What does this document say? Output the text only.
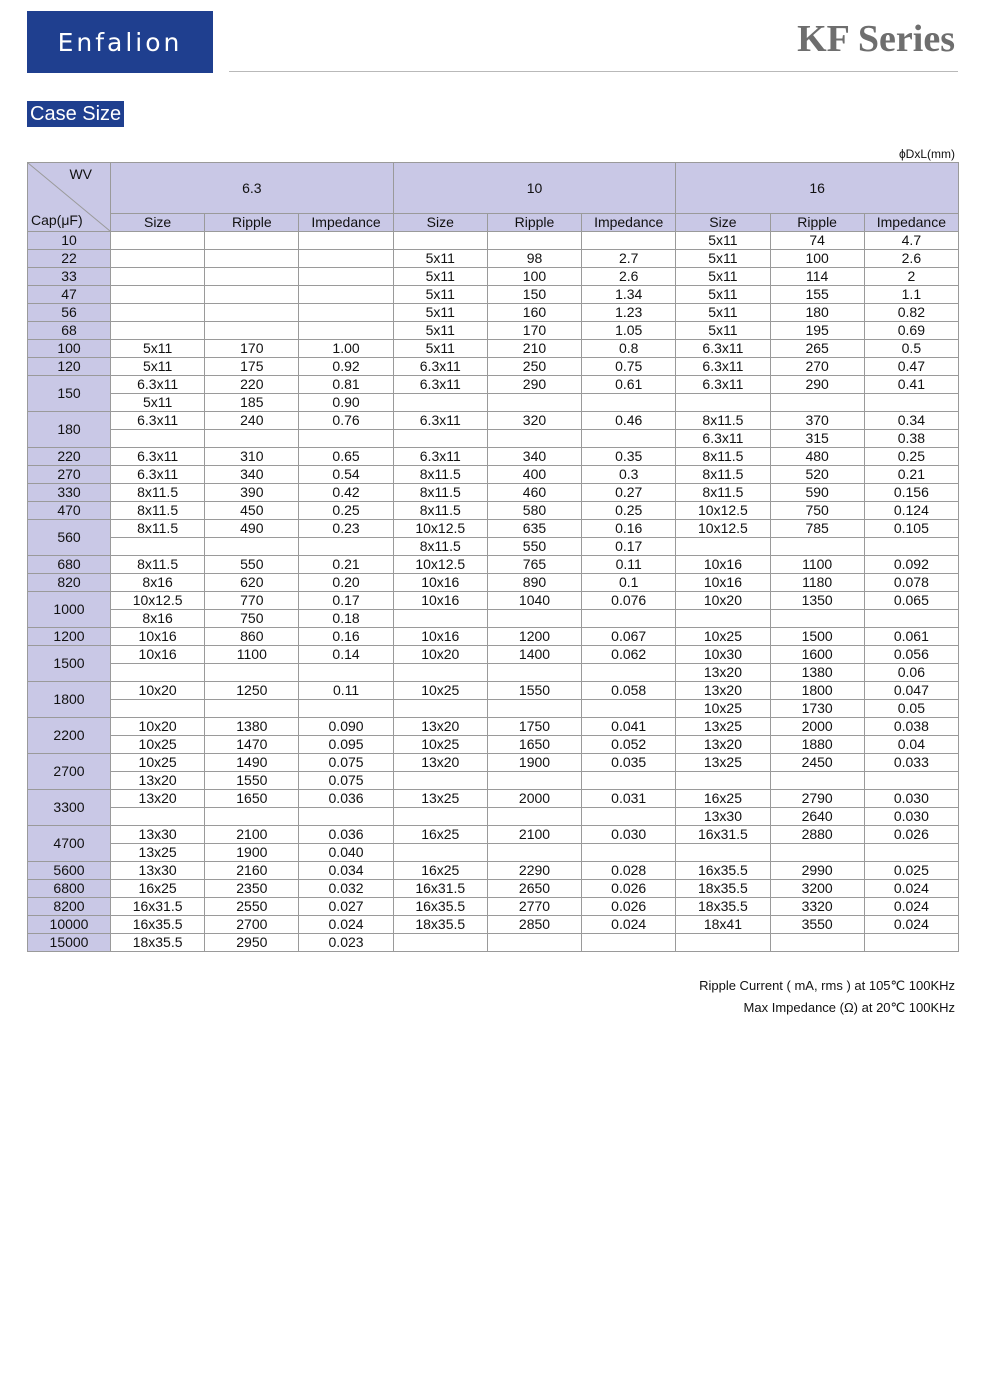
Enfalion	KF Series
Case Size
ϕDxL(mm)
WV
Cap(μF)	6.3			10			16		
	Size	Ripple	Impedance	Size	Ripple	Impedance	Size	Ripple	Impedance
10							5x11	74	4.7
22				5x11	98	2.7	5x11	100	2.6
33				5x11	100	2.6	5x11	114	2
47				5x11	150	1.34	5x11	155	1.1
56				5x11	160	1.23	5x11	180	0.82
68				5x11	170	1.05	5x11	195	0.69
100	5x11	170	1.00	5x11	210	0.8	6.3x11	265	0.5
120	5x11	175	0.92	6.3x11	250	0.75	6.3x11	270	0.47
150	6.3x11	220	0.81	6.3x11	290	0.61	6.3x11	290	0.41
	5x11	185	0.90						
180	6.3x11	240	0.76	6.3x11	320	0.46	8x11.5	370	0.34
							6.3x11	315	0.38
220	6.3x11	310	0.65	6.3x11	340	0.35	8x11.5	480	0.25
270	6.3x11	340	0.54	8x11.5	400	0.3	8x11.5	520	0.21
330	8x11.5	390	0.42	8x11.5	460	0.27	8x11.5	590	0.156
470	8x11.5	450	0.25	8x11.5	580	0.25	10x12.5	750	0.124
560	8x11.5	490	0.23	10x12.5	635	0.16	10x12.5	785	0.105
				8x11.5	550	0.17			
680	8x11.5	550	0.21	10x12.5	765	0.11	10x16	1100	0.092
820	8x16	620	0.20	10x16	890	0.1	10x16	1180	0.078
1000	10x12.5	770	0.17	10x16	1040	0.076	10x20	1350	0.065
	8x16	750	0.18						
1200	10x16	860	0.16	10x16	1200	0.067	10x25	1500	0.061
1500	10x16	1100	0.14	10x20	1400	0.062	10x30	1600	0.056
							13x20	1380	0.06
1800	10x20	1250	0.11	10x25	1550	0.058	13x20	1800	0.047
							10x25	1730	0.05
2200	10x20	1380	0.090	13x20	1750	0.041	13x25	2000	0.038
	10x25	1470	0.095	10x25	1650	0.052	13x20	1880	0.04
2700	10x25	1490	0.075	13x20	1900	0.035	13x25	2450	0.033
	13x20	1550	0.075						
3300	13x20	1650	0.036	13x25	2000	0.031	16x25	2790	0.030
							13x30	2640	0.030
4700	13x30	2100	0.036	16x25	2100	0.030	16x31.5	2880	0.026
	13x25	1900	0.040						
5600	13x30	2160	0.034	16x25	2290	0.028	16x35.5	2990	0.025
6800	16x25	2350	0.032	16x31.5	2650	0.026	18x35.5	3200	0.024
8200	16x31.5	2550	0.027	16x35.5	2770	0.026	18x35.5	3320	0.024
10000	16x35.5	2700	0.024	18x35.5	2850	0.024	18x41	3550	0.024
15000	18x35.5	2950	0.023						
Ripple Current ( mA, rms ) at 105℃ 100KHz
Max Impedance (Ω) at 20℃ 100KHz
